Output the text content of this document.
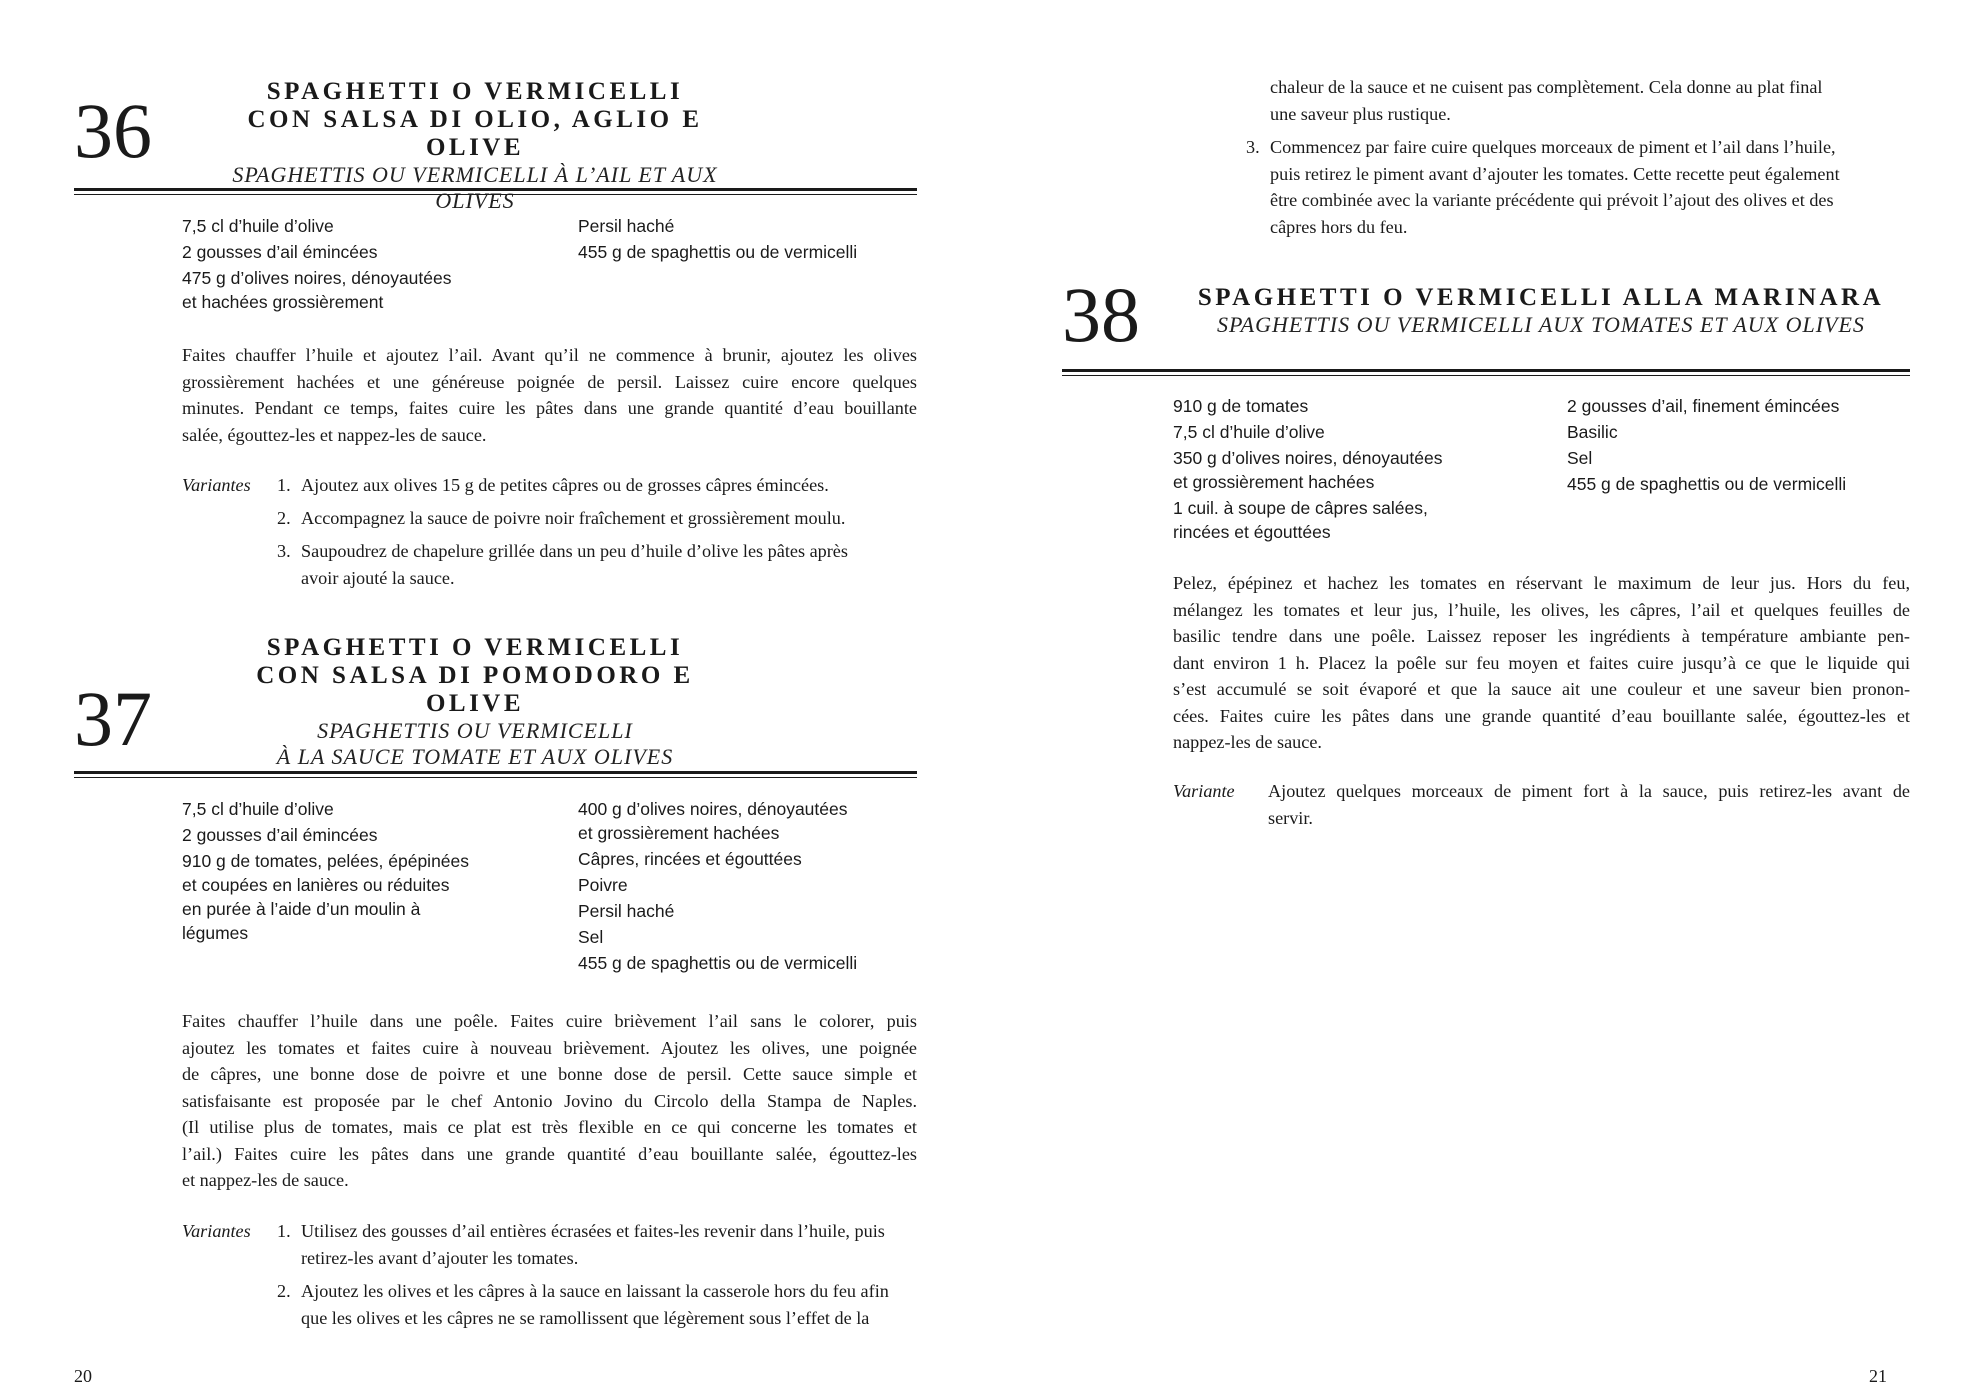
36	SPAGHETTI O VERMICELLI
CON SALSA DI OLIO, AGLIO E OLIVE
SPAGHETTIS OU VERMICELLI À L’AIL ET AUX OLIVES
7,5 cl d’huile d’olive
2 gousses d’ail émincées
475 g d’olives noires, dénoyautées
et hachées grossièrement
Persil haché
455 g de spaghettis ou de vermicelli
Faites chauffer l’huile et ajoutez l’ail. Avant qu’il ne commence à brunir, ajoutez les olives
grossièrement hachées et une généreuse poignée de persil. Laissez cuire encore quelques
minutes. Pendant ce temps, faites cuire les pâtes dans une grande quantité d’eau bouillante
salée, égouttez-les et nappez-les de sauce.
Variantes 1. Ajoutez aux olives 15 g de petites câpres ou de grosses câpres émincées.
2. Accompagnez la sauce de poivre noir fraîchement et grossièrement moulu.
3. Saupoudrez de chapelure grillée dans un peu d’huile d’olive les pâtes après
avoir ajouté la sauce.
37
SPAGHETTI O VERMICELLI
CON SALSA DI POMODORO E OLIVE
SPAGHETTIS OU VERMICELLI
À LA SAUCE TOMATE ET AUX OLIVES
7,5 cl d’huile d’olive
2 gousses d’ail émincées
910 g de tomates, pelées, épépinées
et coupées en lanières ou réduites
en purée à l’aide d’un moulin à
légumes
400 g d’olives noires, dénoyautées
et grossièrement hachées
Câpres, rincées et égouttées
Poivre
Persil haché
Sel
455 g de spaghettis ou de vermicelli
Faites chauffer l’huile dans une poêle. Faites cuire brièvement l’ail sans le colorer, puis
ajoutez les tomates et faites cuire à nouveau brièvement. Ajoutez les olives, une poignée
de câpres, une bonne dose de poivre et une bonne dose de persil. Cette sauce simple et
satisfaisante est proposée par le chef Antonio Jovino du Circolo della Stampa de Naples.
(Il utilise plus de tomates, mais ce plat est très flexible en ce qui concerne les tomates et
l’ail.) Faites cuire les pâtes dans une grande quantité d’eau bouillante salée, égouttez-les
et nappez-les de sauce.
Variantes 1. Utilisez des gousses d’ail entières écrasées et faites-les revenir dans l’huile, puis
retirez-les avant d’ajouter les tomates.
2. Ajoutez les olives et les câpres à la sauce en laissant la casserole hors du feu afin
que les olives et les câpres ne se ramollissent que légèrement sous l’effet de la
20
chaleur de la sauce et ne cuisent pas complètement. Cela donne au plat final
une saveur plus rustique.
3. Commencez par faire cuire quelques morceaux de piment et l’ail dans l’huile,
puis retirez le piment avant d’ajouter les tomates. Cette recette peut également
être combinée avec la variante précédente qui prévoit l’ajout des olives et des
câpres hors du feu.
38 SPAGHETTI O VERMICELLI ALLA MARINARA
SPAGHETTIS OU VERMICELLI AUX TOMATES ET AUX OLIVES
910 g de tomates
7,5 cl d’huile d’olive
350 g d’olives noires, dénoyautées
et grossièrement hachées
1 cuil. à soupe de câpres salées,
rincées et égouttées
2 gousses d’ail, finement émincées
Basilic
Sel
455 g de spaghettis ou de vermicelli
Pelez, épépinez et hachez les tomates en réservant le maximum de leur jus. Hors du feu,
mélangez les tomates et leur jus, l’huile, les olives, les câpres, l’ail et quelques feuilles de
basilic tendre dans une poêle. Laissez reposer les ingrédients à température ambiante pen-
dant environ 1 h. Placez la poêle sur feu moyen et faites cuire jusqu’à ce que le liquide qui
s’est accumulé se soit évaporé et que la sauce ait une couleur et une saveur bien pronon-
cées. Faites cuire les pâtes dans une grande quantité d’eau bouillante salée, égouttez-les et
nappez-les de sauce.
Variante Ajoutez quelques morceaux de piment fort à la sauce, puis retirez-les avant de
servir.
21
